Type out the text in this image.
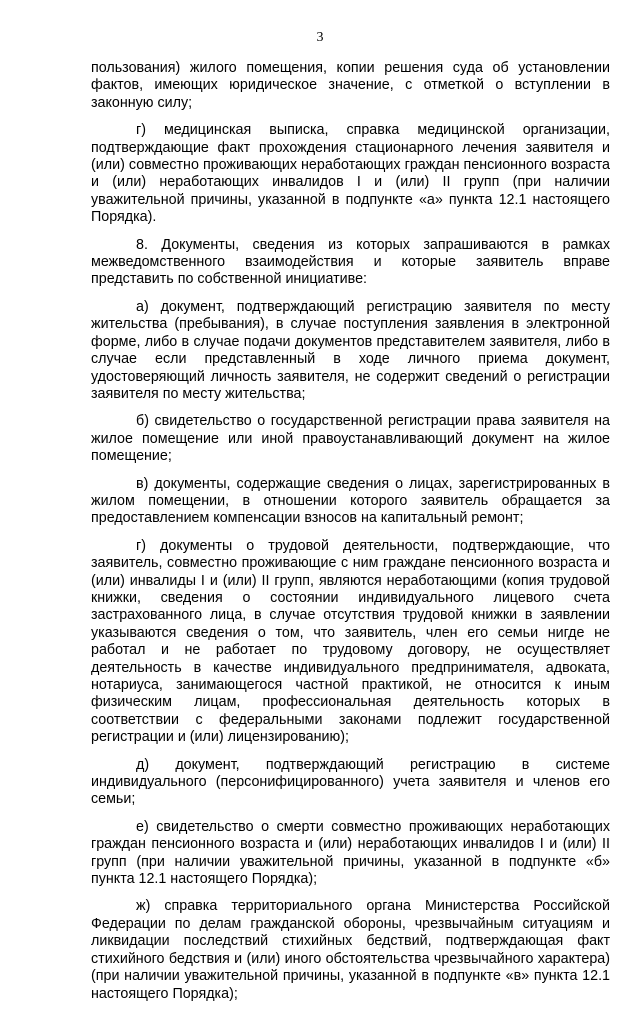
3

пользования) жилого помещения, копии решения суда об установлении фактов, имеющих юридическое значение, с отметкой о вступлении в законную силу;

г) медицинская выписка, справка медицинской организации, подтверждающие факт прохождения стационарного лечения заявителя и (или) совместно проживающих неработающих граждан пенсионного возраста и (или) неработающих инвалидов I и (или) II групп (при наличии уважительной причины, указанной в подпункте «а» пункта 12.1 настоящего Порядка).

8. Документы, сведения из которых запрашиваются в рамках межведомственного взаимодействия и которые заявитель вправе представить по собственной инициативе:

а) документ, подтверждающий регистрацию заявителя по месту жительства (пребывания), в случае поступления заявления в электронной форме, либо в случае подачи документов представителем заявителя, либо в случае если представленный в ходе личного приема документ, удостоверяющий личность заявителя, не содержит сведений о регистрации заявителя по месту жительства;

б) свидетельство о государственной регистрации права заявителя на жилое помещение или иной правоустанавливающий документ на жилое помещение;

в) документы, содержащие сведения о лицах, зарегистрированных в жилом помещении, в отношении которого заявитель обращается за предоставлением компенсации взносов на капитальный ремонт;

г) документы о трудовой деятельности, подтверждающие, что заявитель, совместно проживающие с ним граждане пенсионного возраста и (или) инвалиды I и (или) II групп, являются неработающими (копия трудовой книжки, сведения о состоянии индивидуального лицевого счета застрахованного лица, в случае отсутствия трудовой книжки в заявлении указываются сведения о том, что заявитель, член его семьи нигде не работал и не работает по трудовому договору, не осуществляет деятельность в качестве индивидуального предпринимателя, адвоката, нотариуса, занимающегося частной практикой, не относится к иным физическим лицам, профессиональная деятельность которых в соответствии с федеральными законами подлежит государственной регистрации и (или) лицензированию);

д) документ, подтверждающий регистрацию в системе индивидуального (персонифицированного) учета заявителя и членов его семьи;

е) свидетельство о смерти совместно проживающих неработающих граждан пенсионного возраста и (или) неработающих инвалидов I и (или) II групп (при наличии уважительной причины, указанной в подпункте «б» пункта 12.1 настоящего Порядка);

ж) справка территориального органа Министерства Российской Федерации по делам гражданской обороны, чрезвычайным ситуациям и ликвидации последствий стихийных бедствий, подтверждающая факт стихийного бедствия и (или) иного обстоятельства чрезвычайного характера) (при наличии уважительной причины, указанной в подпункте «в» пункта 12.1 настоящего Порядка);
